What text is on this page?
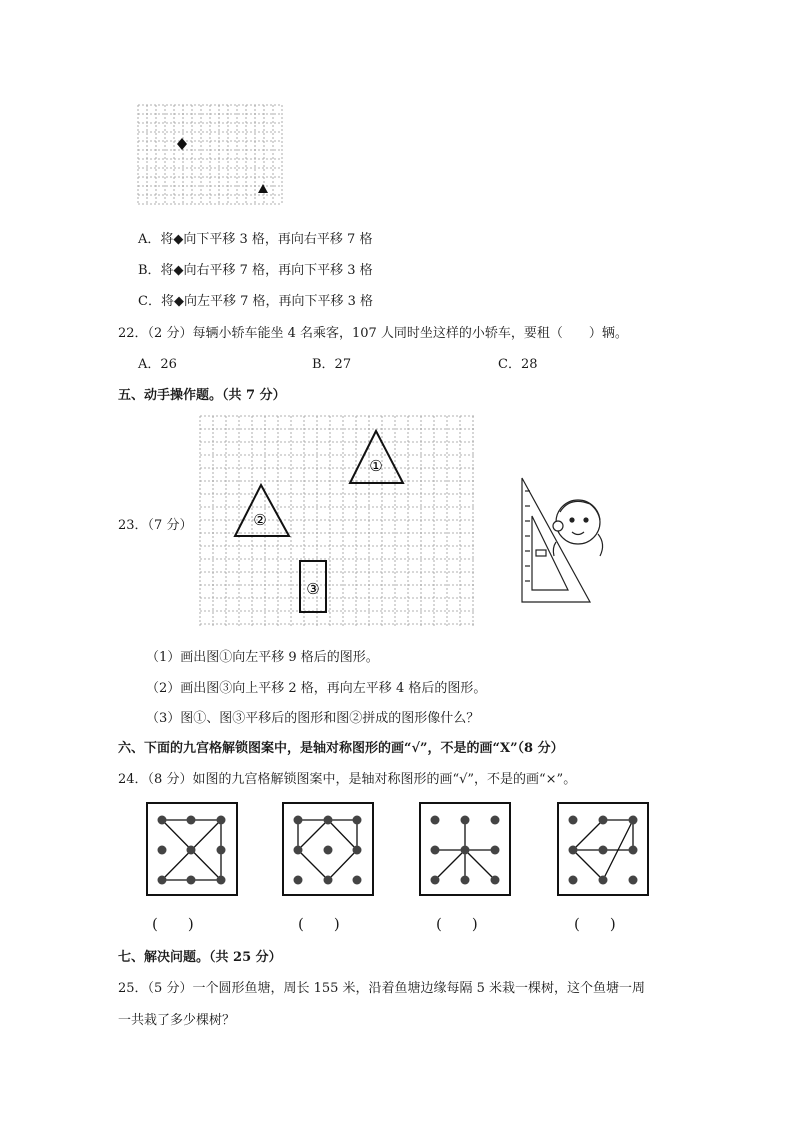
A．将◆向下平移 3 格，再向右平移 7 格
B．将◆向右平移 7 格，再向下平移 3 格
C．将◆向左平移 7 格，再向下平移 3 格
22．（2 分）每辆小轿车能坐 4 名乘客，107 人同时坐这样的小轿车，要租（　　）辆。
A．26	B．27	C．28
五、动手操作题。（共 7 分）
23．（7 分）
①
②
③
（1）画出图①向左平移 9 格后的图形。
（2）画出图③向上平移 2 格，再向左平移 4 格后的图形。
（3）图①、图③平移后的图形和图②拼成的图形像什么？
六、下面的九宫格解锁图案中，是轴对称图形的画“√”，不是的画“X”（8 分）
24．（8 分）如图的九宫格解锁图案中，是轴对称图形的画“√”，不是的画“×”。
(　　)	(　　)	(　　)	(　　)
七、解决问题。（共 25 分）
25．（5 分）一个圆形鱼塘，周长 155 米，沿着鱼塘边缘每隔 5 米栽一棵树，这个鱼塘一周
一共栽了多少棵树？
